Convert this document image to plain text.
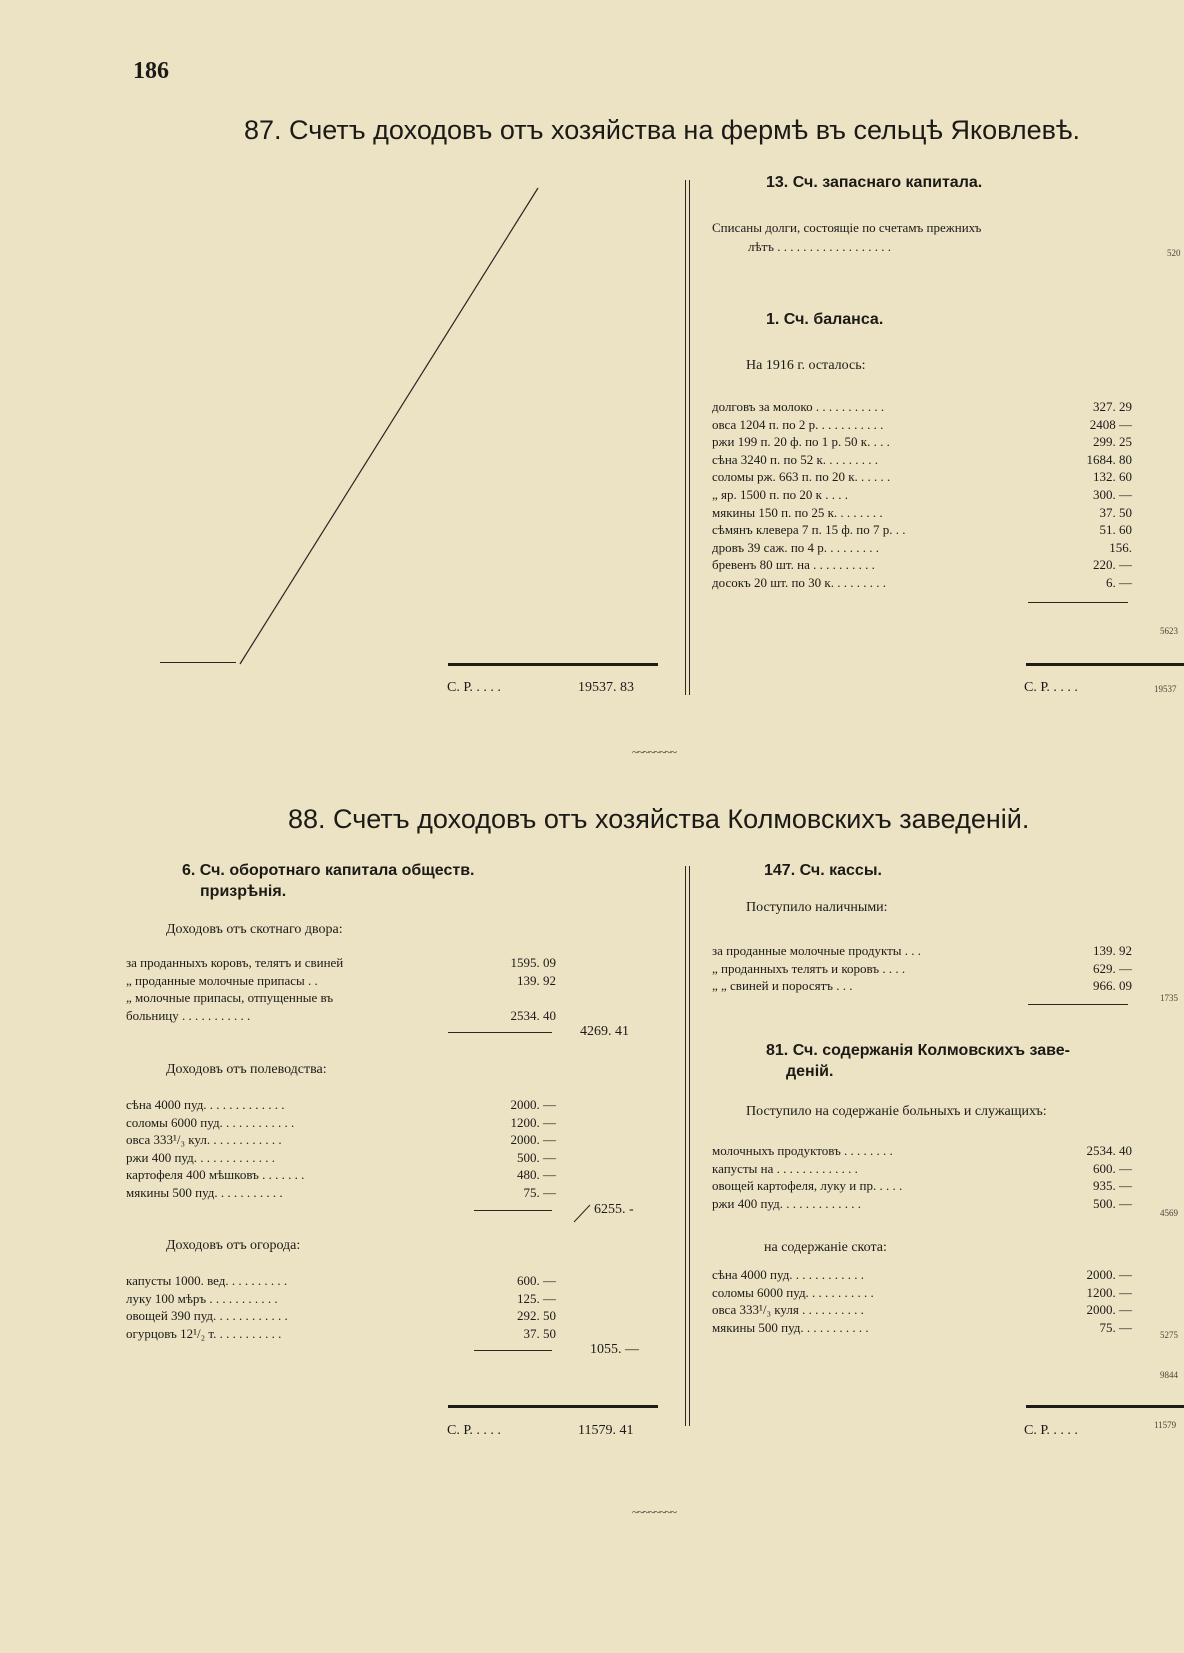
186
87. Счетъ доходовъ отъ хозяйства на фермѣ въ сельцѣ Яковлевѣ.
С. Р. . . . .	19537. 83
13. Сч. запаснаго капитала.
Списаны долги, состоящіе по счетамъ прежнихъ
лѣтъ . . . . . . . . . . . . . . . . . .	520
1. Сч. баланса.
На 1916 г. осталось:
долговъ за молоко . . . . . . . . . . .	327. 29
овса 1204 п. по 2 р. . . . . . . . . . .	2408 —
ржи 199 п. 20 ф. по 1 р. 50 к. . . .	299. 25
сѣна 3240 п. по 52 к. . . . . . . . .	1684. 80
соломы рж. 663 п. по 20 к. . . . . .	132. 60
„ яр. 1500 п. по 20 к . . . .	300. —
мякины 150 п. по 25 к. . . . . . . .	37. 50
сѣмянъ клевера 7 п. 15 ф. по 7 р. . .	51. 60
дровъ 39 саж. по 4 р. . . . . . . . .	156.
бревенъ 80 шт. на . . . . . . . . . .	220. —
досокъ 20 шт. по 30 к. . . . . . . . .	6. —
5623
С. Р. . . . .	19537
~~~~~~~~
88. Счетъ доходовъ отъ хозяйства Колмовскихъ заведеній.
6. Сч. оборотнаго капитала обществ.
призрѣнія.
Доходовъ отъ скотнаго двора:
за проданныхъ коровъ, телятъ и свиней	1595. 09
„ проданные молочные припасы . .	139. 92
„ молочные припасы, отпущенные въ
больницу . . . . . . . . . . .	2534. 40
4269. 41
Доходовъ отъ полеводства:
сѣна 4000 пуд. . . . . . . . . . . . .	2000. —
соломы 6000 пуд. . . . . . . . . . . .	1200. —
овса 333¹/₃ кул. . . . . . . . . . . .	2000. —
ржи 400 пуд. . . . . . . . . . . . .	500. —
картофеля 400 мѣшковъ . . . . . . .	480. —
мякины 500 пуд. . . . . . . . . . .	75. —
6255. -
Доходовъ отъ огорода:
капусты 1000. вед. . . . . . . . . .	600. —
луку 100 мѣръ . . . . . . . . . . .	125. —
овощей 390 пуд. . . . . . . . . . . .	292. 50
огурцовъ 12¹/₂ т. . . . . . . . . . .	37. 50
1055. —
С. Р. . . . .	11579. 41
147. Сч. кассы.
Поступило наличными:
за проданные молочные продукты . . .	139. 92
„ проданныхъ телятъ и коровъ . . . .	629. —
„ „ свиней и поросятъ . . .	966. 09
1735
81. Сч. содержанія Колмовскихъ заве-
деній.
Поступило на содержаніе больныхъ и служащихъ:
молочныхъ продуктовъ . . . . . . . .	2534. 40
капусты на . . . . . . . . . . . . .	600. —
овощей картофеля, луку и пр. . . . .	935. —
ржи 400 пуд. . . . . . . . . . . . .	500. —
4569
на содержаніе скота:
сѣна 4000 пуд. . . . . . . . . . . .	2000. —
соломы 6000 пуд. . . . . . . . . . .	1200. —
овса 333¹/₃ куля . . . . . . . . . .	2000. —
мякины 500 пуд. . . . . . . . . . .	75. —
5275
9844
С. Р. . . . .	11579
~~~~~~~~
